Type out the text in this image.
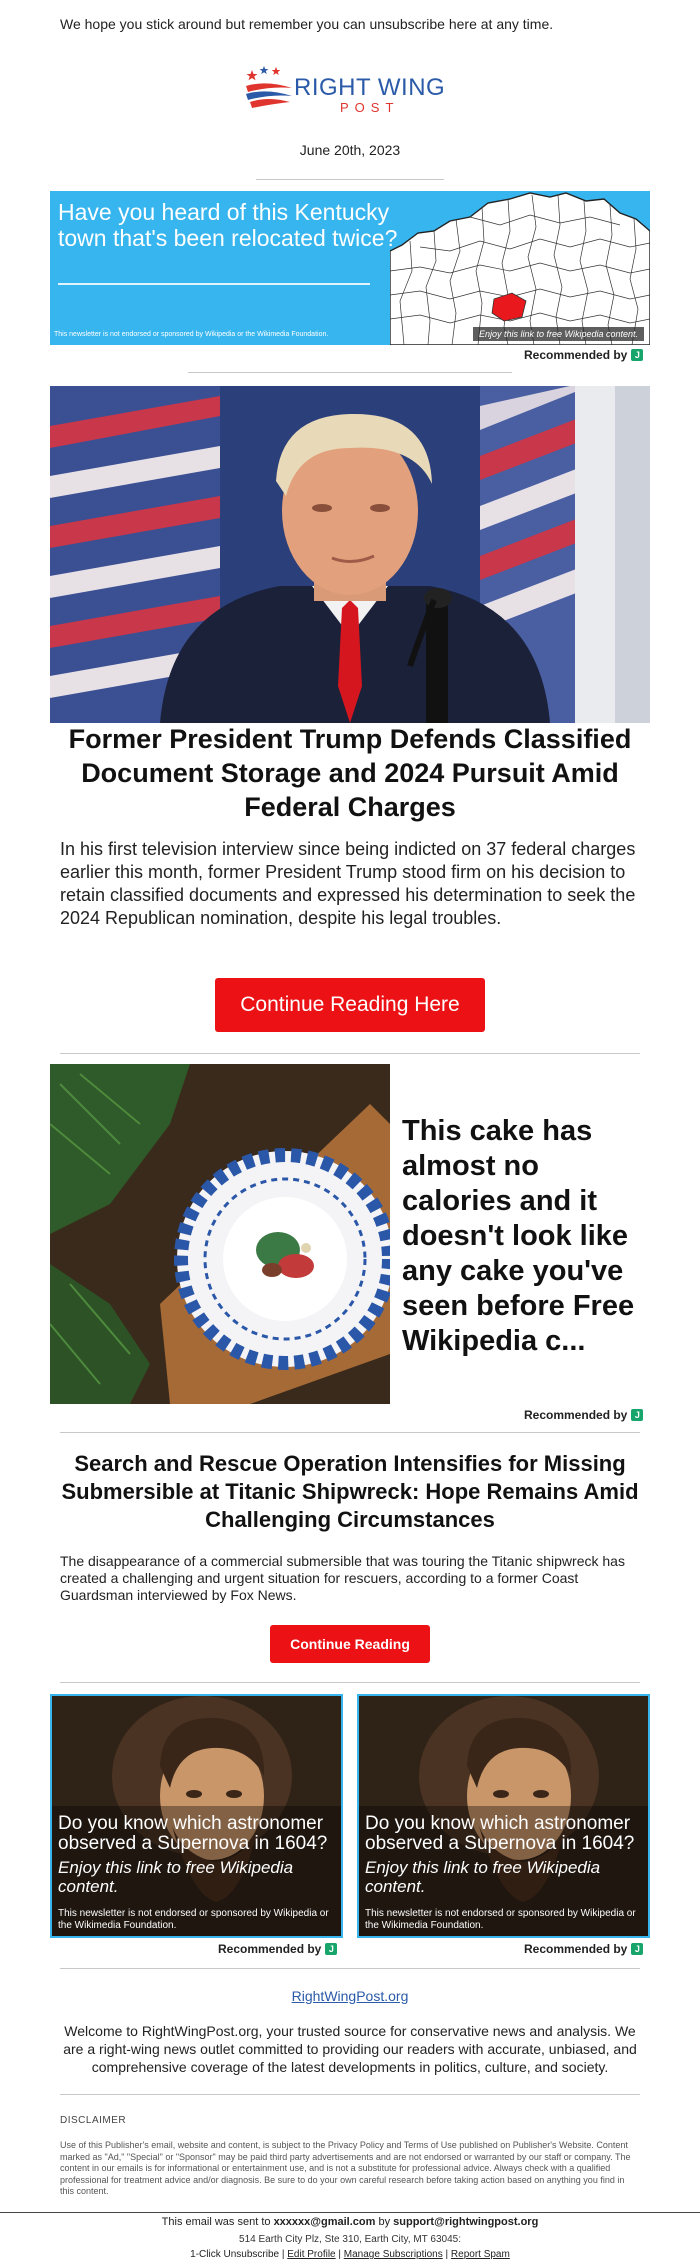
We hope you stick around but remember you can unsubscribe here at any time.
RIGHT WING
POST
June 20th, 2023
Have you heard of this Kentucky town that's been relocated twice?
This newsletter is not endorsed or sponsored by Wikipedia or the Wikimedia Foundation.	Enjoy this link to free Wikipedia content.
Recommended by J
Former President Trump Defends Classified Document Storage and 2024 Pursuit Amid Federal Charges
In his first television interview since being indicted on 37 federal charges earlier this month, former President Trump stood firm on his decision to retain classified documents and expressed his determination to seek the 2024 Republican nomination, despite his legal troubles.
Continue Reading Here
This cake has almost no calories and it doesn't look like any cake you've seen before Free Wikipedia c...
Recommended by J
Search and Rescue Operation Intensifies for Missing Submersible at Titanic Shipwreck: Hope Remains Amid Challenging Circumstances
The disappearance of a commercial submersible that was touring the Titanic shipwreck has created a challenging and urgent situation for rescuers, according to a former Coast Guardsman interviewed by Fox News.
Continue Reading
Do you know which astronomer observed a Supernova in 1604?
Enjoy this link to free Wikipedia content.
This newsletter is not endorsed or sponsored by Wikipedia or the Wikimedia Foundation.
Do you know which astronomer observed a Supernova in 1604?
Enjoy this link to free Wikipedia content.
This newsletter is not endorsed or sponsored by Wikipedia or the Wikimedia Foundation.
Recommended by J	Recommended by J
RightWingPost.org
Welcome to RightWingPost.org, your trusted source for conservative news and analysis. We are a right-wing news outlet committed to providing our readers with accurate, unbiased, and comprehensive coverage of the latest developments in politics, culture, and society.
DISCLAIMER
Use of this Publisher's email, website and content, is subject to the Privacy Policy and Terms of Use published on Publisher's Website. Content marked as "Ad," "Special" or "Sponsor" may be paid third party advertisements and are not endorsed or warranted by our staff or company. The content in our emails is for informational or entertainment use, and is not a substitute for professional advice. Always check with a qualified professional for treatment advice and/or diagnosis. Be sure to do your own careful research before taking action based on anything you find in this content.
This email was sent to xxxxxx@gmail.com by support@rightwingpost.org
514 Earth City Plz, Ste 310, Earth City, MT 63045:
1-Click Unsubscribe | Edit Profile | Manage Subscriptions | Report Spam
